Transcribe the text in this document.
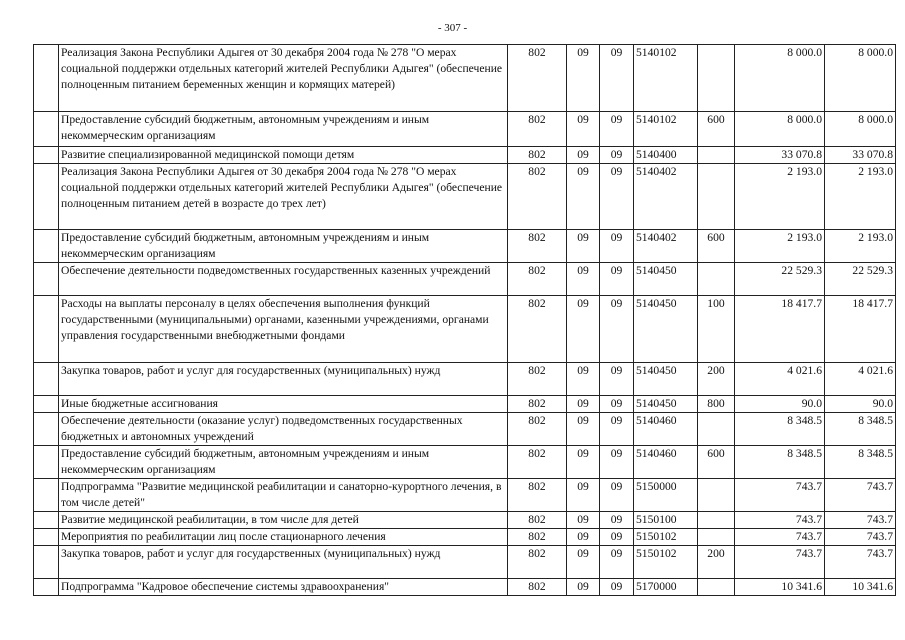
- 307 -
	Реализация Закона Республики Адыгея от 30 декабря 2004 года № 278 "О мерах социальной поддержки отдельных категорий жителей Республики Адыгея" (обеспечение полноценным питанием беременных женщин и кормящих матерей)	802	09	09	5140102		8 000.0	8 000.0
	Предоставление субсидий бюджетным, автономным учреждениям и иным некоммерческим организациям	802	09	09	5140102	600	8 000.0	8 000.0
	Развитие специализированной медицинской помощи детям	802	09	09	5140400		33 070.8	33 070.8
	Реализация Закона Республики Адыгея от 30 декабря 2004 года № 278 "О мерах социальной поддержки отдельных категорий жителей Республики Адыгея" (обеспечение полноценным питанием детей в возрасте до трех лет)	802	09	09	5140402		2 193.0	2 193.0
	Предоставление субсидий бюджетным, автономным учреждениям и иным некоммерческим организациям	802	09	09	5140402	600	2 193.0	2 193.0
	Обеспечение деятельности подведомственных государственных казенных учреждений	802	09	09	5140450		22 529.3	22 529.3
	Расходы на выплаты персоналу в целях обеспечения выполнения функций государственными (муниципальными) органами, казенными учреждениями, органами управления государственными внебюджетными фондами	802	09	09	5140450	100	18 417.7	18 417.7
	Закупка товаров, работ и услуг для государственных (муниципальных) нужд	802	09	09	5140450	200	4 021.6	4 021.6
	Иные бюджетные ассигнования	802	09	09	5140450	800	90.0	90.0
	Обеспечение деятельности (оказание услуг) подведомственных государственных бюджетных и автономных учреждений	802	09	09	5140460		8 348.5	8 348.5
	Предоставление субсидий бюджетным, автономным учреждениям и иным некоммерческим организациям	802	09	09	5140460	600	8 348.5	8 348.5
	Подпрограмма "Развитие медицинской реабилитации и санаторно-курортного лечения, в том числе детей"	802	09	09	5150000		743.7	743.7
	Развитие медицинской реабилитации, в том числе для детей	802	09	09	5150100		743.7	743.7
	Мероприятия по реабилитации лиц после стационарного лечения	802	09	09	5150102		743.7	743.7
	Закупка товаров, работ и услуг для государственных (муниципальных) нужд	802	09	09	5150102	200	743.7	743.7
	Подпрограмма "Кадровое обеспечение системы здравоохранения"	802	09	09	5170000		10 341.6	10 341.6
